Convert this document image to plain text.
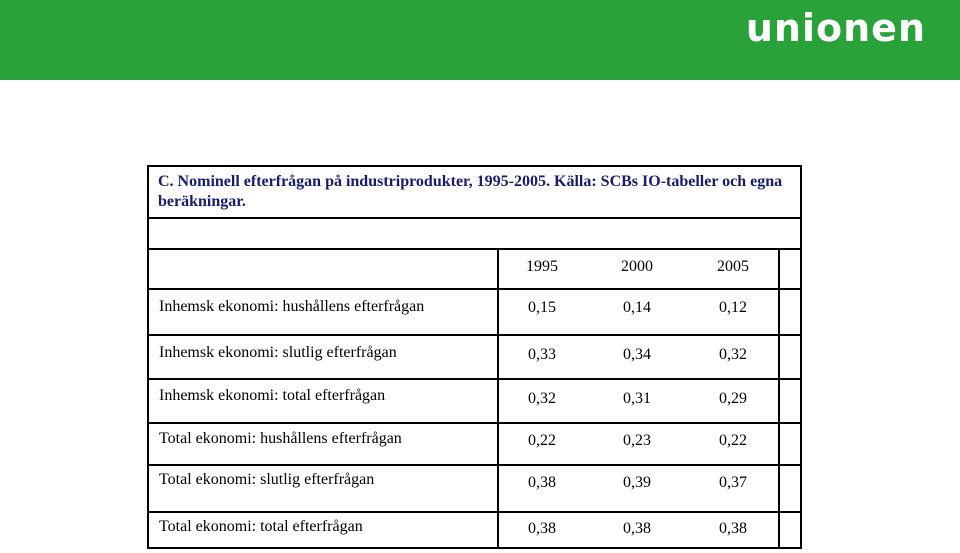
unionen
C. Nominell efterfrågan på industriprodukter, 1995-2005. Källa: SCBs IO-tabeller och egna beräkningar.
1995	2000	2005
Inhemsk ekonomi: hushållens efterfrågan	0,15	0,14	0,12
Inhemsk ekonomi: slutlig efterfrågan	0,33	0,34	0,32
Inhemsk ekonomi: total efterfrågan	0,32	0,31	0,29
Total ekonomi: hushållens efterfrågan	0,22	0,23	0,22
Total ekonomi: slutlig efterfrågan	0,38	0,39	0,37
Total ekonomi: total efterfrågan	0,38	0,38	0,38
